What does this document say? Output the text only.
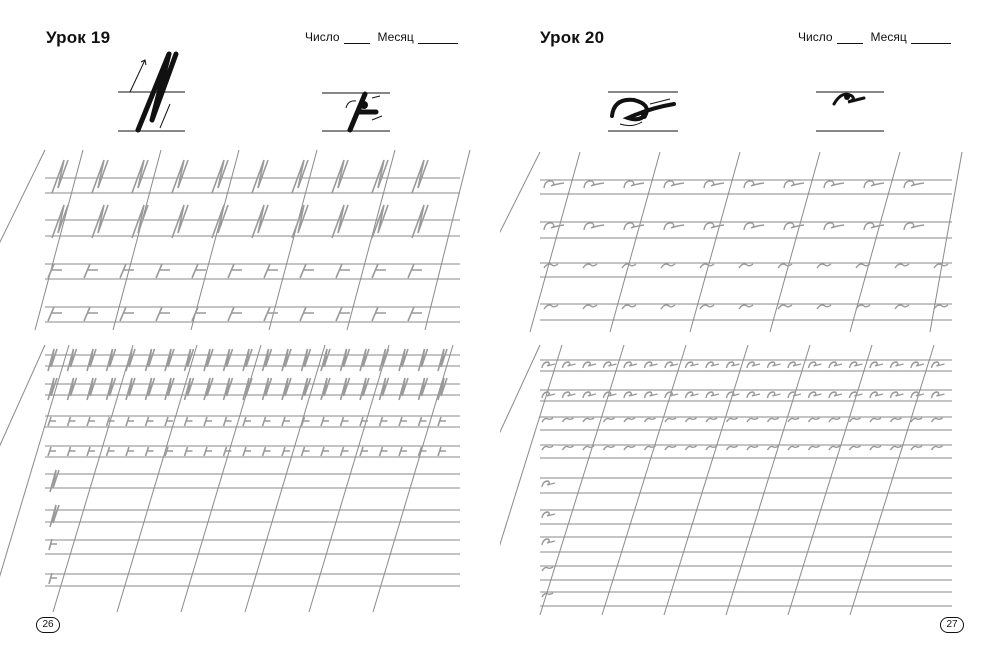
Урок 19	Число	Месяц
26
Урок 20	Число	Месяц
27
